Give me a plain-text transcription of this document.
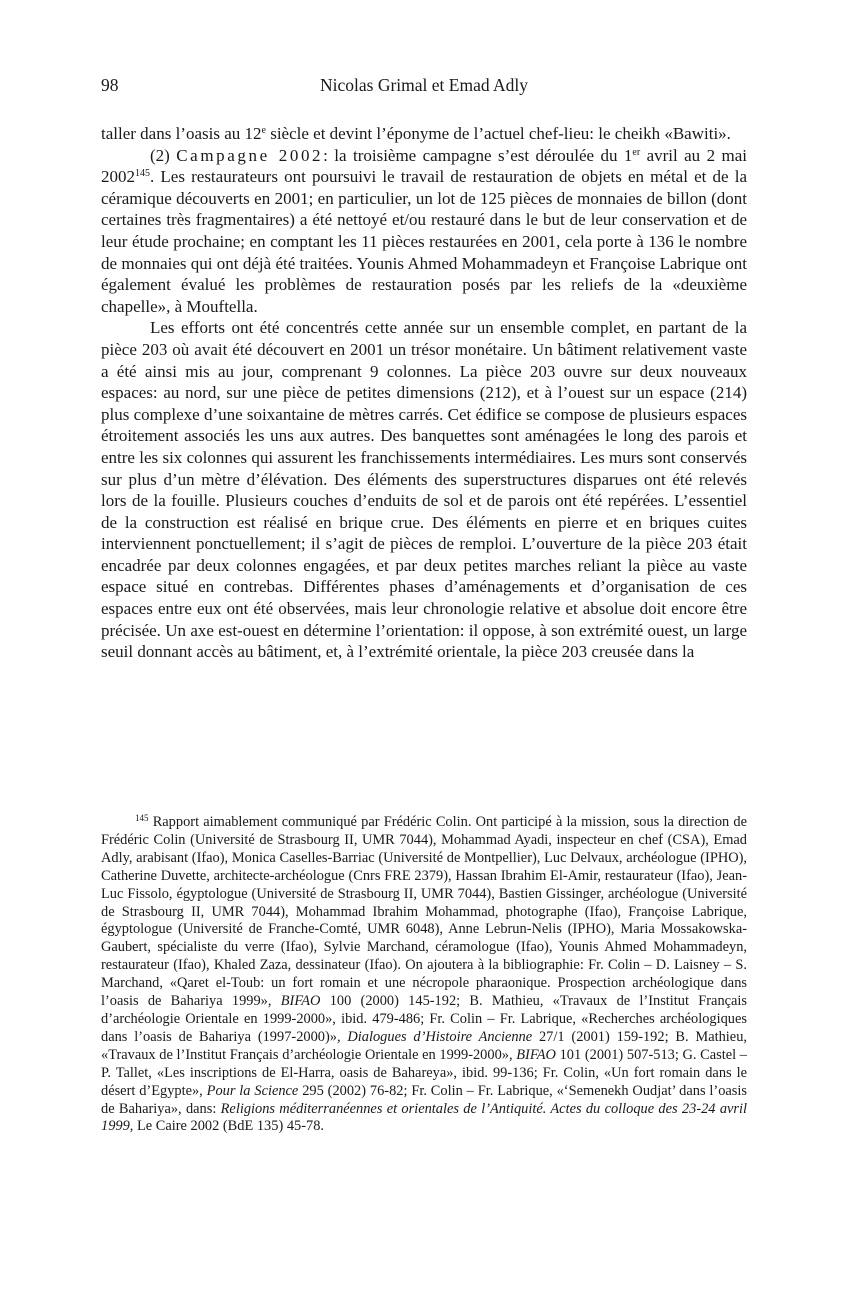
98	Nicolas Grimal et Emad Adly

taller dans l’oasis au 12e siècle et devint l’éponyme de l’actuel chef-lieu: le cheikh «Bawiti».

(2) Campagne 2002: la troisième campagne s’est déroulée du 1er avril au 2 mai 2002$^{145}$. Les restaurateurs ont poursuivi le travail de restauration de objets en métal et de la céramique découverts en 2001; en particulier, un lot de 125 pièces de monnaies de billon (dont certaines très fragmentaires) a été nettoyé et/ou restauré dans le but de leur conservation et de leur étude prochaine; en comptant les 11 pièces restaurées en 2001, cela porte à 136 le nombre de monnaies qui ont déjà été traitées. Younis Ahmed Mohammadeyn et Françoise Labrique ont également évalué les problèmes de restauration posés par les reliefs de la «deuxième chapelle», à Mouftella.

Les efforts ont été concentrés cette année sur un ensemble complet, en partant de la pièce 203 où avait été découvert en 2001 un trésor monétaire. Un bâtiment relativement vaste a été ainsi mis au jour, comprenant 9 colonnes. La pièce 203 ouvre sur deux nouveaux espaces: au nord, sur une pièce de petites dimensions (212), et à l’ouest sur un espace (214) plus complexe d’une soixantaine de mètres carrés. Cet édifice se compose de plusieurs espaces étroitement associés les uns aux autres. Des banquettes sont aménagées le long des parois et entre les six colonnes qui assurent les franchissements intermédiaires. Les murs sont conservés sur plus d’un mètre d’élévation. Des éléments des superstructures disparues ont été relevés lors de la fouille. Plusieurs couches d’enduits de sol et de parois ont été repérées. L’essentiel de la construction est réalisé en brique crue. Des éléments en pierre et en briques cuites interviennent ponctuellement; il s’agit de pièces de remploi. L’ouverture de la pièce 203 était encadrée par deux colonnes engagées, et par deux petites marches reliant la pièce au vaste espace situé en contrebas. Différentes phases d’aménagements et d’organisation de ces espaces entre eux ont été observées, mais leur chronologie relative et absolue doit encore être précisée. Un axe est-ouest en détermine l’orientation: il oppose, à son extrémité ouest, un large seuil donnant accès au bâtiment, et, à l’extrémité orientale, la pièce 203 creusée dans la

$^{145}$ Rapport aimablement communiqué par Frédéric Colin. Ont participé à la mission, sous la direction de Frédéric Colin (Université de Strasbourg II, UMR 7044), Mohammad Ayadi, inspecteur en chef (CSA), Emad Adly, arabisant (Ifao), Monica Caselles-Barriac (Université de Montpellier), Luc Delvaux, archéologue (IPHO), Catherine Duvette, architecte-archéologue (Cnrs FRE 2379), Hassan Ibrahim El-Amir, restaurateur (Ifao), Jean-Luc Fissolo, égyptologue (Université de Strasbourg II, UMR 7044), Bastien Gissinger, archéologue (Université de Strasbourg II, UMR 7044), Mohammad Ibrahim Mohammad, photographe (Ifao), Françoise Labrique, égyptologue (Université de Franche-Comté, UMR 6048), Anne Lebrun-Nelis (IPHO), Maria Mossakowska-Gaubert, spécialiste du verre (Ifao), Sylvie Marchand, céramologue (Ifao), Younis Ahmed Mohammadeyn, restaurateur (Ifao), Khaled Zaza, dessinateur (Ifao). On ajoutera à la bibliographie: Fr. Colin – D. Laisney – S. Marchand, «Qaret el-Toub: un fort romain et une nécropole pharaonique. Prospection archéologique dans l’oasis de Bahariya 1999», BIFAO 100 (2000) 145-192; B. Mathieu, «Travaux de l’Institut Français d’archéologie Orientale en 1999-2000», ibid. 479-486; Fr. Colin – Fr. Labrique, «Recherches archéologiques dans l’oasis de Bahariya (1997-2000)», Dialogues d’Histoire Ancienne 27/1 (2001) 159-192; B. Mathieu, «Travaux de l’Institut Français d’archéologie Orientale en 1999-2000», BIFAO 101 (2001) 507-513; G. Castel – P. Tallet, «Les inscriptions de El-Harra, oasis de Bahareya», ibid. 99-136; Fr. Colin, «Un fort romain dans le désert d’Egypte», Pour la Science 295 (2002) 76-82; Fr. Colin – Fr. Labrique, «‘Semenekh Oudjat’ dans l’oasis de Bahariya», dans: Religions méditerranéennes et orientales de l’Antiquité. Actes du colloque des 23-24 avril 1999, Le Caire 2002 (BdE 135) 45-78.
